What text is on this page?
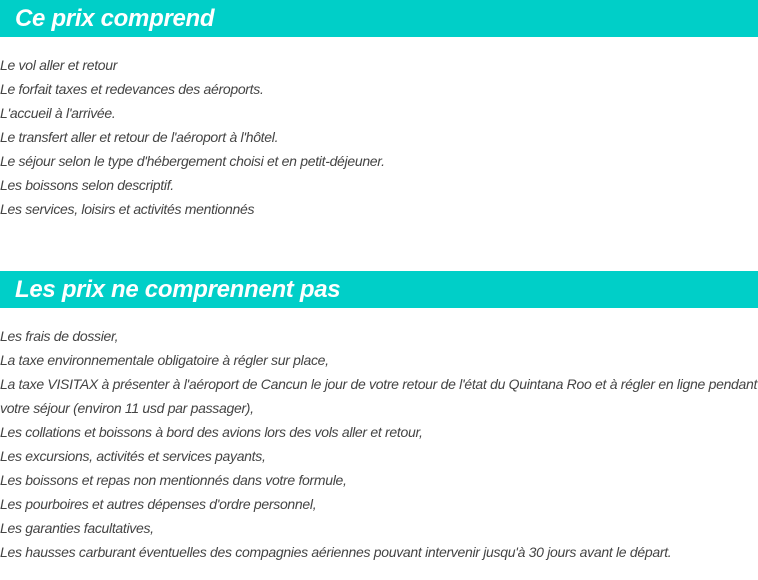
Ce prix comprend
Le vol aller et retour
Le forfait taxes et redevances des aéroports.
L'accueil à l'arrivée.
Le transfert aller et retour de l'aéroport à l'hôtel.
Le séjour selon le type d'hébergement choisi et en petit-déjeuner.
Les boissons selon descriptif.
Les services, loisirs et activités mentionnés
Les prix ne comprennent pas
Les frais de dossier,
La taxe environnementale obligatoire à régler sur place,
La taxe VISITAX à présenter à l'aéroport de Cancun le jour de votre retour de l'état du Quintana Roo et à régler en ligne pendant votre séjour (environ 11 usd par passager),
Les collations et boissons à bord des avions lors des vols aller et retour,
Les excursions, activités et services payants,
Les boissons et repas non mentionnés dans votre formule,
Les pourboires et autres dépenses d'ordre personnel,
Les garanties facultatives,
Les hausses carburant éventuelles des compagnies aériennes pouvant intervenir jusqu'à 30 jours avant le départ.
